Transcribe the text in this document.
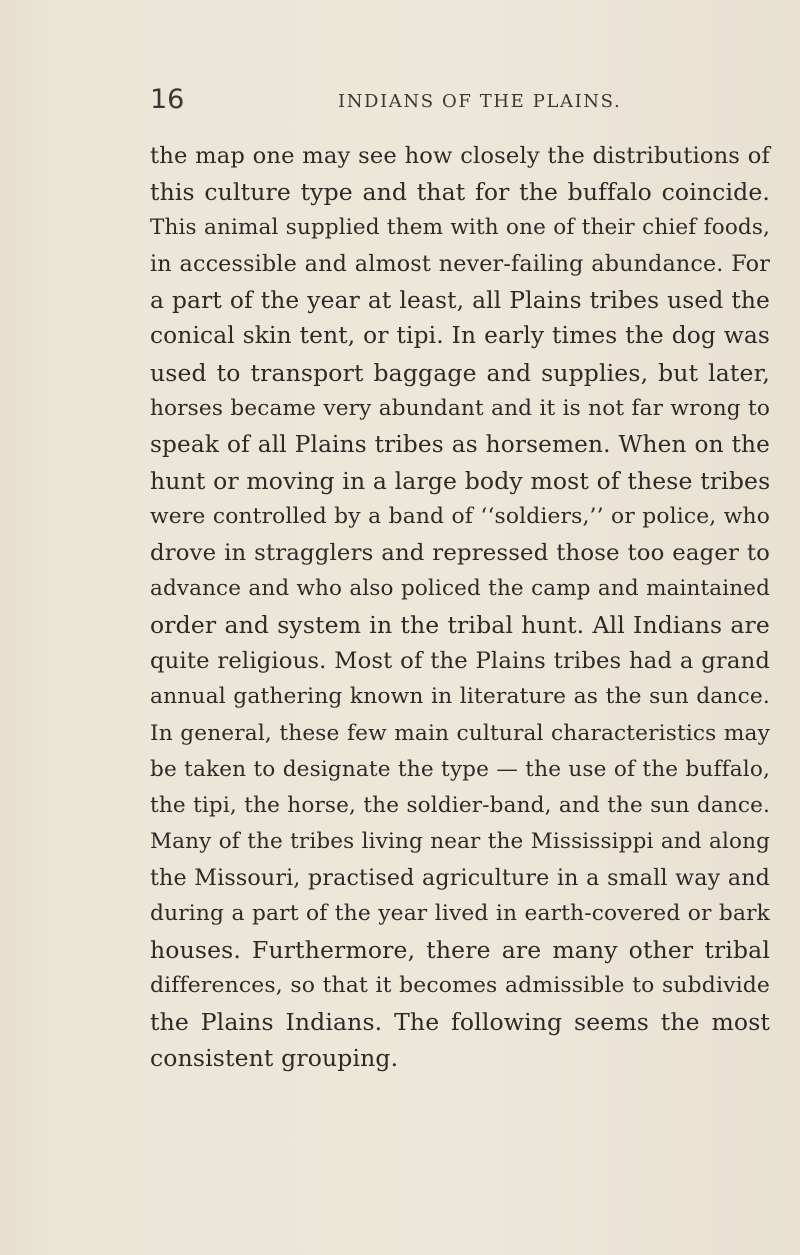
16	INDIANS OF THE PLAINS.
the map one may see how closely the distributions of
this culture type and that for the buffalo coincide.
This animal supplied them with one of their chief foods,
in accessible and almost never-failing abundance. For
a part of the year at least, all Plains tribes used the
conical skin tent, or tipi. In early times the dog was
used to transport baggage and supplies, but later,
horses became very abundant and it is not far wrong to
speak of all Plains tribes as horsemen. When on the
hunt or moving in a large body most of these tribes
were controlled by a band of ‘‘soldiers,’’ or police, who
drove in stragglers and repressed those too eager to
advance and who also policed the camp and maintained
order and system in the tribal hunt. All Indians are
quite religious. Most of the Plains tribes had a grand
annual gathering known in literature as the sun dance.
In general, these few main cultural characteristics may
be taken to designate the type — the use of the buffalo,
the tipi, the horse, the soldier-band, and the sun dance.
Many of the tribes living near the Mississippi and along
the Missouri, practised agriculture in a small way and
during a part of the year lived in earth-covered or bark
houses. Furthermore, there are many other tribal
differences, so that it becomes admissible to subdivide
the Plains Indians. The following seems the most
consistent grouping.
